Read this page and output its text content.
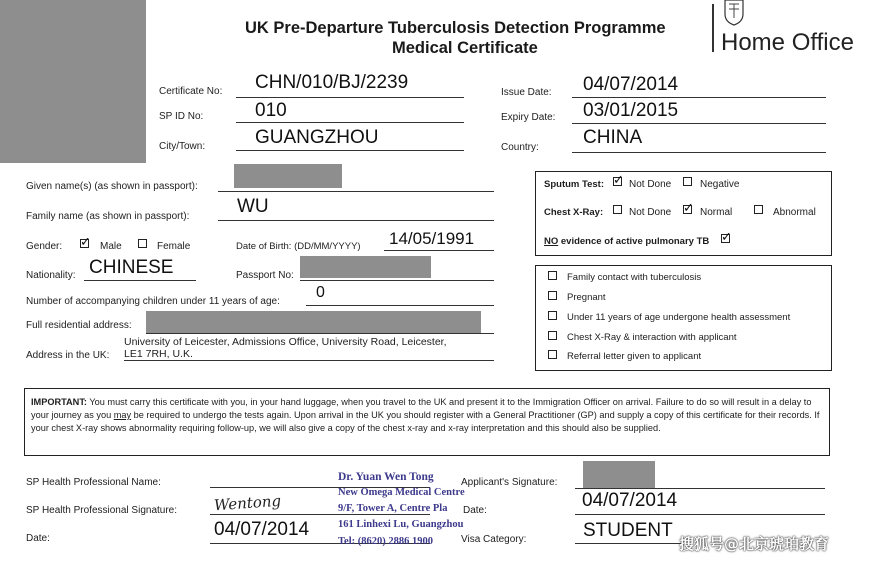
UK Pre-Departure Tuberculosis Detection Programme
Medical Certificate	Home Office
Certificate No: CHN/010/BJ/2239
SP ID No:	010
City/Town:	GUANGZHOU
Issue Date: 04/07/2014
Expiry Date: 03/01/2015
Country: CHINA
Given name(s) (as shown in passport):
Family name (as shown in passport):	WU
Gender: ✓ Male	Female	Date of Birth: (DD/MM/YYYY) 14/05/1991
Nationality: CHINESE	Passport No:
Number of accompanying children under 11 years of age:
0
Full residential address:
Address in the UK:
University of Leicester, Admissions Office, University Road, Leicester,
LE1 7RH, U.K.
Sputum Test: ✓ Not Done	Negative
Chest X-Ray:	Not Done ✓ Normal	Abnormal
NO evidence of active pulmonary TB ✓
Family contact with tuberculosis
Pregnant
Under 11 years of age undergone health assessment
Chest X-Ray & interaction with applicant
Referral letter given to applicant
IMPORTANT: You must carry this certificate with you, in your hand luggage, when you travel to the UK and present it to the Immigration Officer on arrival. Failure to do so will result in a delay to your journey as you may be required to undergo the tests again. Upon arrival in the UK you should register with a General Practitioner (GP) and supply a copy of this certificate for their records. If your chest X-ray shows abnormality requiring follow-up, we will also give a copy of the chest x-ray and x-ray interpretation and this should also be supplied.
SP Health Professional Name:
SP Health Professional Signature: Wentong
Date:	04/07/2014
Applicant's Signature:
Date:	04/07/2014
Visa Category:	STUDENT
Dr. Yuan Wen Tong
New Omega Medical Centre
9/F, Tower A, Centre Pla
161 Linhexi Lu, Guangzhou
Tel: (8620) 2886 1900	搜狐号@北京琥珀教育
